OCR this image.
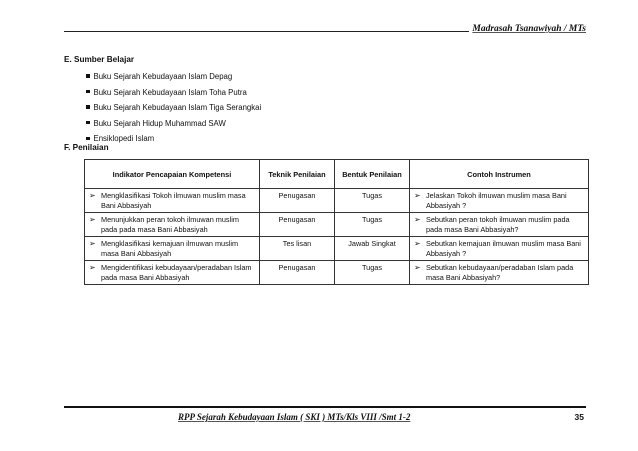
Madrasah Tsanawiyah / MTs
E. Sumber Belajar
Buku Sejarah Kebudayaan Islam Depag
Buku Sejarah Kebudayaan Islam Toha Putra
Buku Sejarah Kebudayaan Islam Tiga Serangkai
Buku Sejarah Hidup Muhammad SAW
Ensiklopedi Islam
F. Penilaian
Indikator Pencapaian Kompetensi	Teknik Penilaian	Bentuk Penilaian	Contoh Instrumen

➢ Mengklasifikasi Tokoh ilmuwan muslim masa Bani Abbasiyah	Penugasan	Tugas	➢ Jelaskan Tokoh ilmuwan muslim masa Bani Abbasiyah ?

➢ Menunjukkan peran tokoh ilmuwan muslim pada pada masa Bani Abbasiyah	Penugasan	Tugas	➢ Sebutkan peran tokoh ilmuwan muslim pada pada masa Bani Abbasiyah?

➢ Mengklasifikasi kemajuan ilmuwan muslim masa Bani Abbasiyah	Tes lisan	Jawab Singkat	➢ Sebutkan kemajuan ilmuwan muslim masa Bani Abbasiyah ?

➢ Mengidentifikasi kebudayaan/peradaban Islam pada masa Bani Abbasiyah	Penugasan	Tugas	➢ Sebutkan kebudayaan/peradaban Islam pada masa Bani Abbasiyah?
RPP Sejarah Kebudayaan Islam ( SKI ) MTs/Kls VIII /Smt 1-2	35
